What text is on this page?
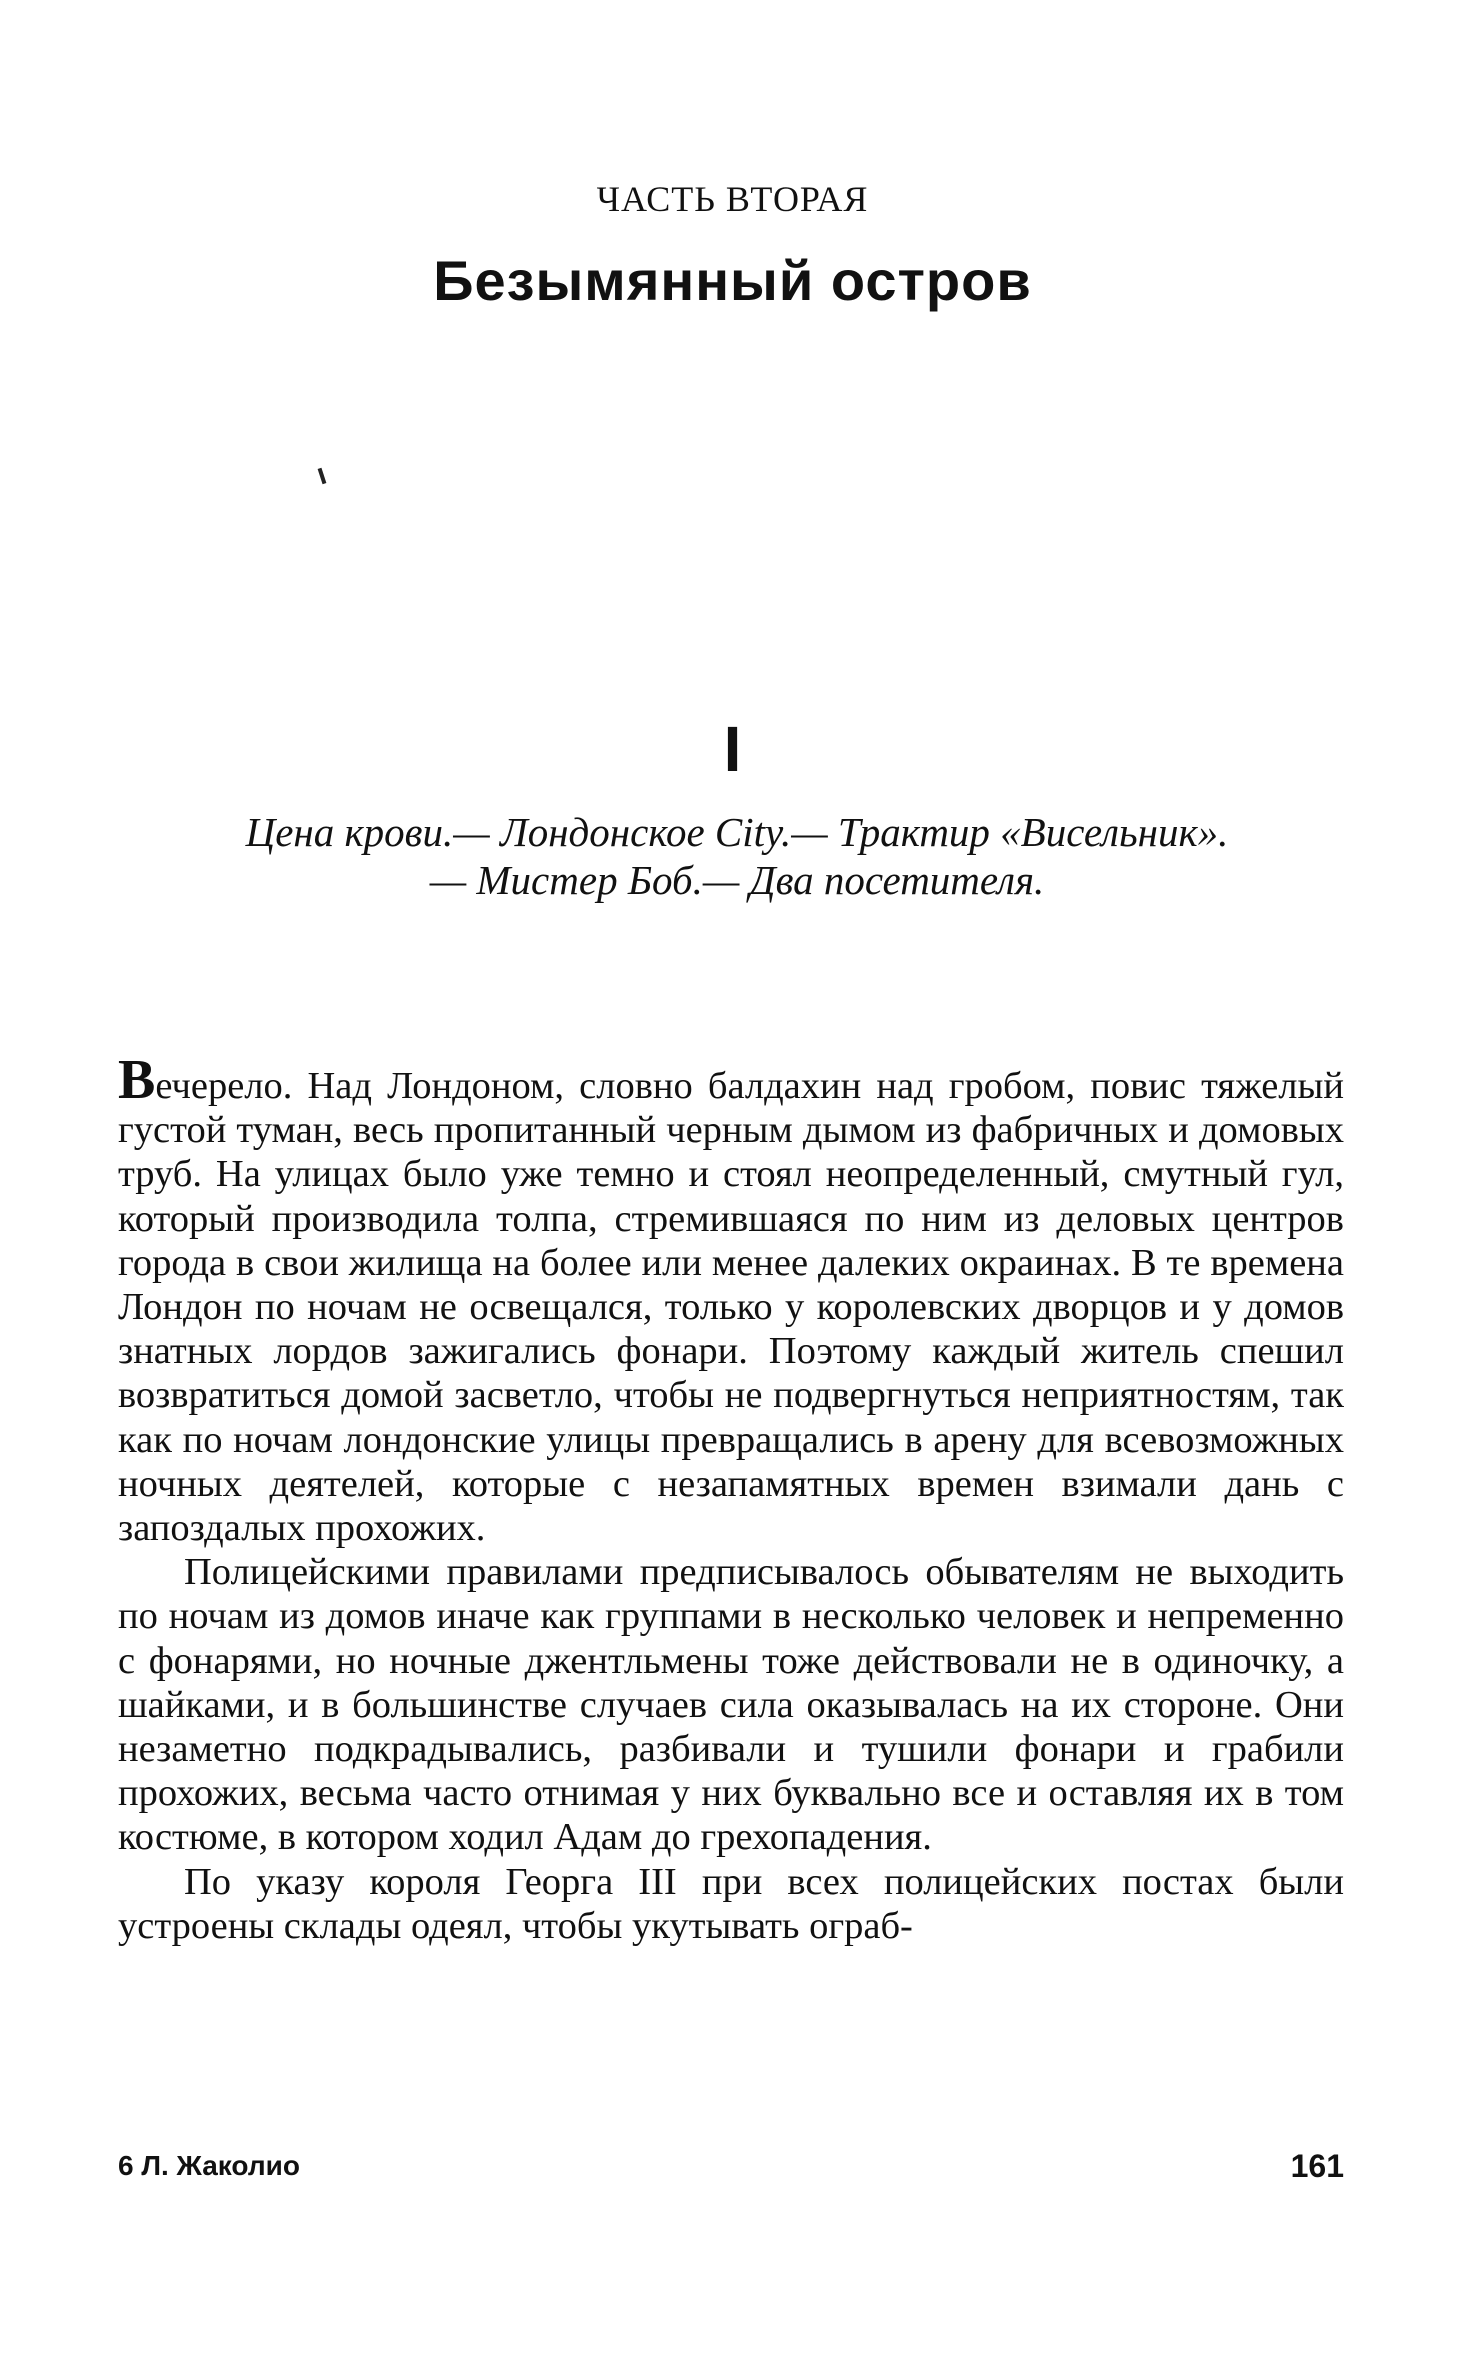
ЧАСТЬ ВТОРАЯ
Безымянный остров
I
Цена крови.— Лондонское City.— Трактир «Висельник».— Мистер Боб.— Два посетителя.

Вечерело. Над Лондоном, словно балдахин над гробом, повис тяжелый густой туман, весь пропитанный черным дымом из фабричных и домовых труб. На улицах было уже темно и стоял неопределенный, смутный гул, который производила толпа, стремившаяся по ним из деловых центров города в свои жилища на более или менее далеких окраинах. В те времена Лондон по ночам не освещался, только у королевских дворцов и у домов знатных лордов зажигались фонари. Поэтому каждый житель спешил возвратиться домой засветло, чтобы не подвергнуться неприятностям, так как по ночам лондонские улицы превращались в арену для всевозможных ночных деятелей, которые с незапамятных времен взимали дань с запоздалых прохожих.

Полицейскими правилами предписывалось обывателям не выходить по ночам из домов иначе как группами в несколько человек и непременно с фонарями, но ночные джентльмены тоже действовали не в одиночку, а шайками, и в большинстве случаев сила оказывалась на их стороне. Они незаметно подкрадывались, разбивали и тушили фонари и грабили прохожих, весьма часто отнимая у них буквально все и оставляя их в том костюме, в котором ходил Адам до грехопадения.

По указу короля Георга III при всех полицейских постах были устроены склады одеял, чтобы укутывать ограб-

6 Л. Жаколио	161
